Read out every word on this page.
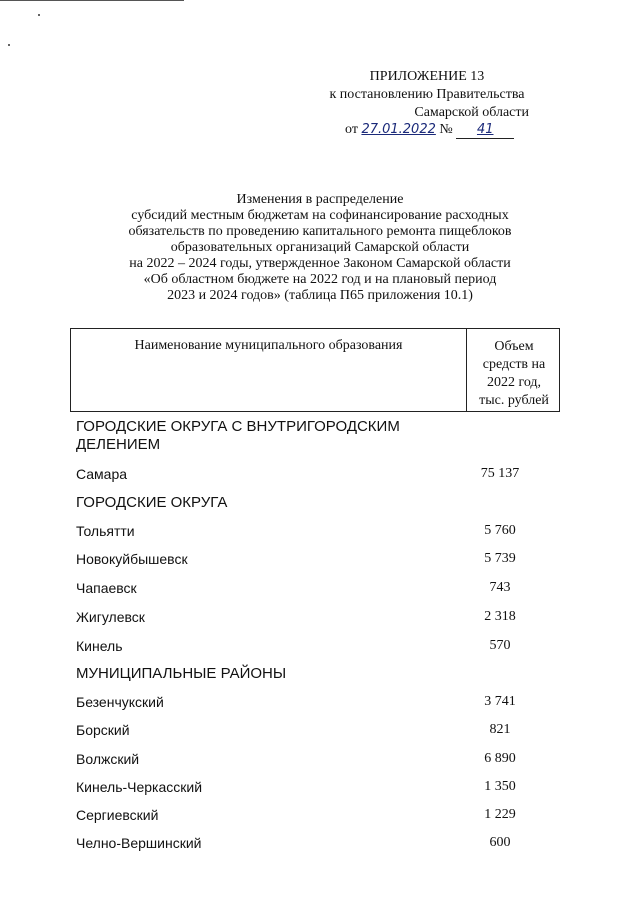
ПРИЛОЖЕНИЕ 13
к постановлению Правительства
Самарской области
от 27.01.2022 № 41
Изменения в распределение
субсидий местным бюджетам на софинансирование расходных
обязательств по проведению капитального ремонта пищеблоков
образовательных организаций Самарской области
на 2022 – 2024 годы, утвержденное Законом Самарской области
«Об областном бюджете на 2022 год и на плановый период
2023 и 2024 годов» (таблица П65 приложения 10.1)
Наименование муниципального образования	Объем
средств на
2022 год,
тыс. рублей
ГОРОДСКИЕ ОКРУГА С ВНУТРИГОРОДСКИМ
ДЕЛЕНИЕМ
Самара	75 137
ГОРОДСКИЕ ОКРУГА
Тольятти	5 760
Новокуйбышевск	5 739
Чапаевск	743
Жигулевск	2 318
Кинель	570
МУНИЦИПАЛЬНЫЕ РАЙОНЫ
Безенчукский	3 741
Борский	821
Волжский	6 890
Кинель-Черкасский	1 350
Сергиевский	1 229
Челно-Вершинский	600
